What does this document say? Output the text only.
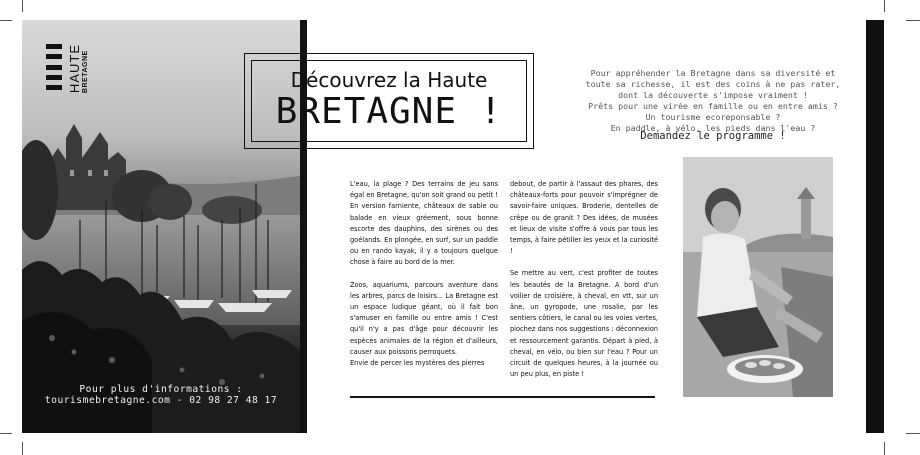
HAUTE BRETAGNE
Pour plus d'informations :
tourismebretagne.com - 02 98 27 48 17
Découvrez la Haute
BRETAGNE !
Pour appréhender la Bretagne dans sa diversité et
toute sa richesse, il est des coins à ne pas rater,
dont la découverte s'impose vraiment !
Prêts pour une virée en famille ou en entre amis ?
Un tourisme ecoreponsable ?
En paddle, à vélo, les pieds dans l'eau ?
Demandez le programme !

L'eau, la plage ? Des terrains de jeu sans égal en Bretagne, qu'on soit grand ou petit ! En version farniente, châteaux de sable ou balade en vieux gréement, sous bonne escorte des dauphins, des sirènes ou des goélands. En plongée, en surf, sur un paddle ou en rando kayak, il y a toujours quelque chose à faire au bord de la mer.

Zoos, aquariums, parcours aventure dans les arbres, parcs de loisirs... La Bretagne est un espace ludique géant, où il fait bon s'amuser en famille ou entre amis ! C'est qu'il n'y a pas d'âge pour découvrir les espèces animales de la région et d'ailleurs, causer aux poissons perroquets.

Envie de percer les mystères des pierres

debout, de partir à l'assaut des phares, des châteaux-forts pour pouvoir s'imprégner de savoir-faire uniques. Broderie, dentelles de crêpe ou de granit ? Des idées, de musées et lieux de visite s'offre à vous par tous les temps, à faire pétiller les yeux et la curiosité !

Se mettre au vert, c'est profiter de toutes les beautés de la Bretagne. A bord d'un voilier de croisière, à cheval, en vtt, sur un âne, un gyropode, une rosalie, par les sentiers côtiers, le canal ou les voies vertes, piochez dans nos suggestions : déconnexion et ressourcement garantis. Départ à pied, à cheval, en vélo, ou bien sur l'eau ? Pour un circuit de quelques heures, à la journée ou un peu plus, en piste !
